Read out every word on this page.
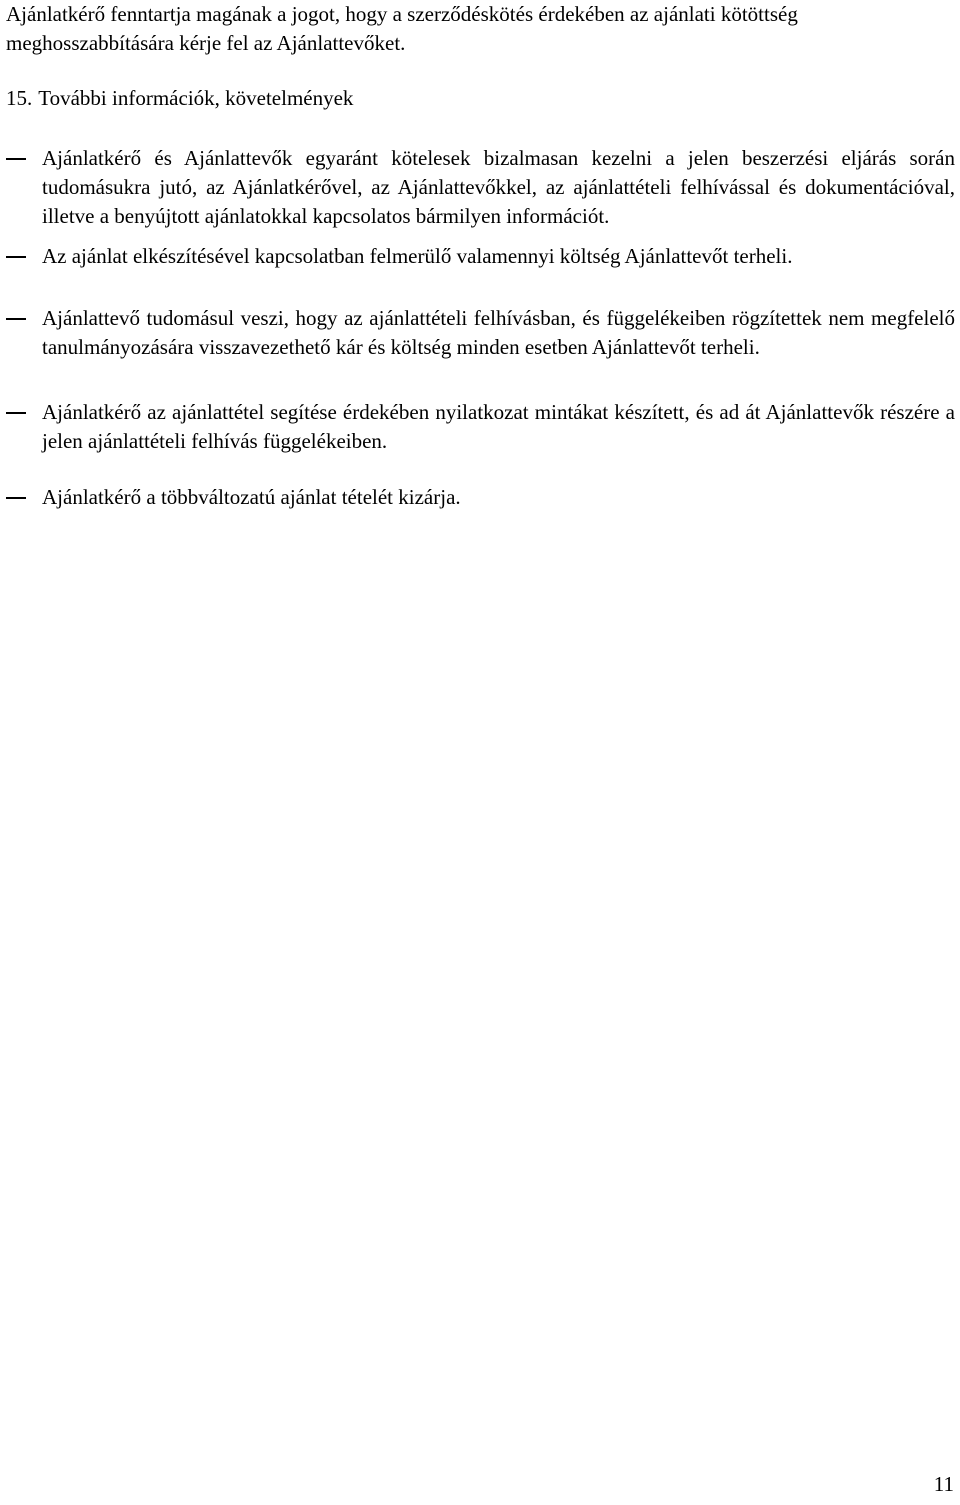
Ajánlatkérő fenntartja magának a jogot, hogy a szerződéskötés érdekében az ajánlati kötöttség meghosszabbítására kérje fel az Ajánlattevőket.

15. További információk, követelmények

Ajánlatkérő és Ajánlattevők egyaránt kötelesek bizalmasan kezelni a jelen beszerzési eljárás során tudomásukra jutó, az Ajánlatkérővel, az Ajánlattevőkkel, az ajánlattételi felhívással és dokumentációval, illetve a benyújtott ajánlatokkal kapcsolatos bármilyen információt.

Az ajánlat elkészítésével kapcsolatban felmerülő valamennyi költség Ajánlattevőt terheli.

Ajánlattevő tudomásul veszi, hogy az ajánlattételi felhívásban, és függelékeiben rögzítettek nem megfelelő tanulmányozására visszavezethető kár és költség minden esetben Ajánlattevőt terheli.

Ajánlatkérő az ajánlattétel segítése érdekében nyilatkozat mintákat készített, és ad át Ajánlattevők részére a jelen ajánlattételi felhívás függelékeiben.

Ajánlatkérő a többváltozatú ajánlat tételét kizárja.

11
